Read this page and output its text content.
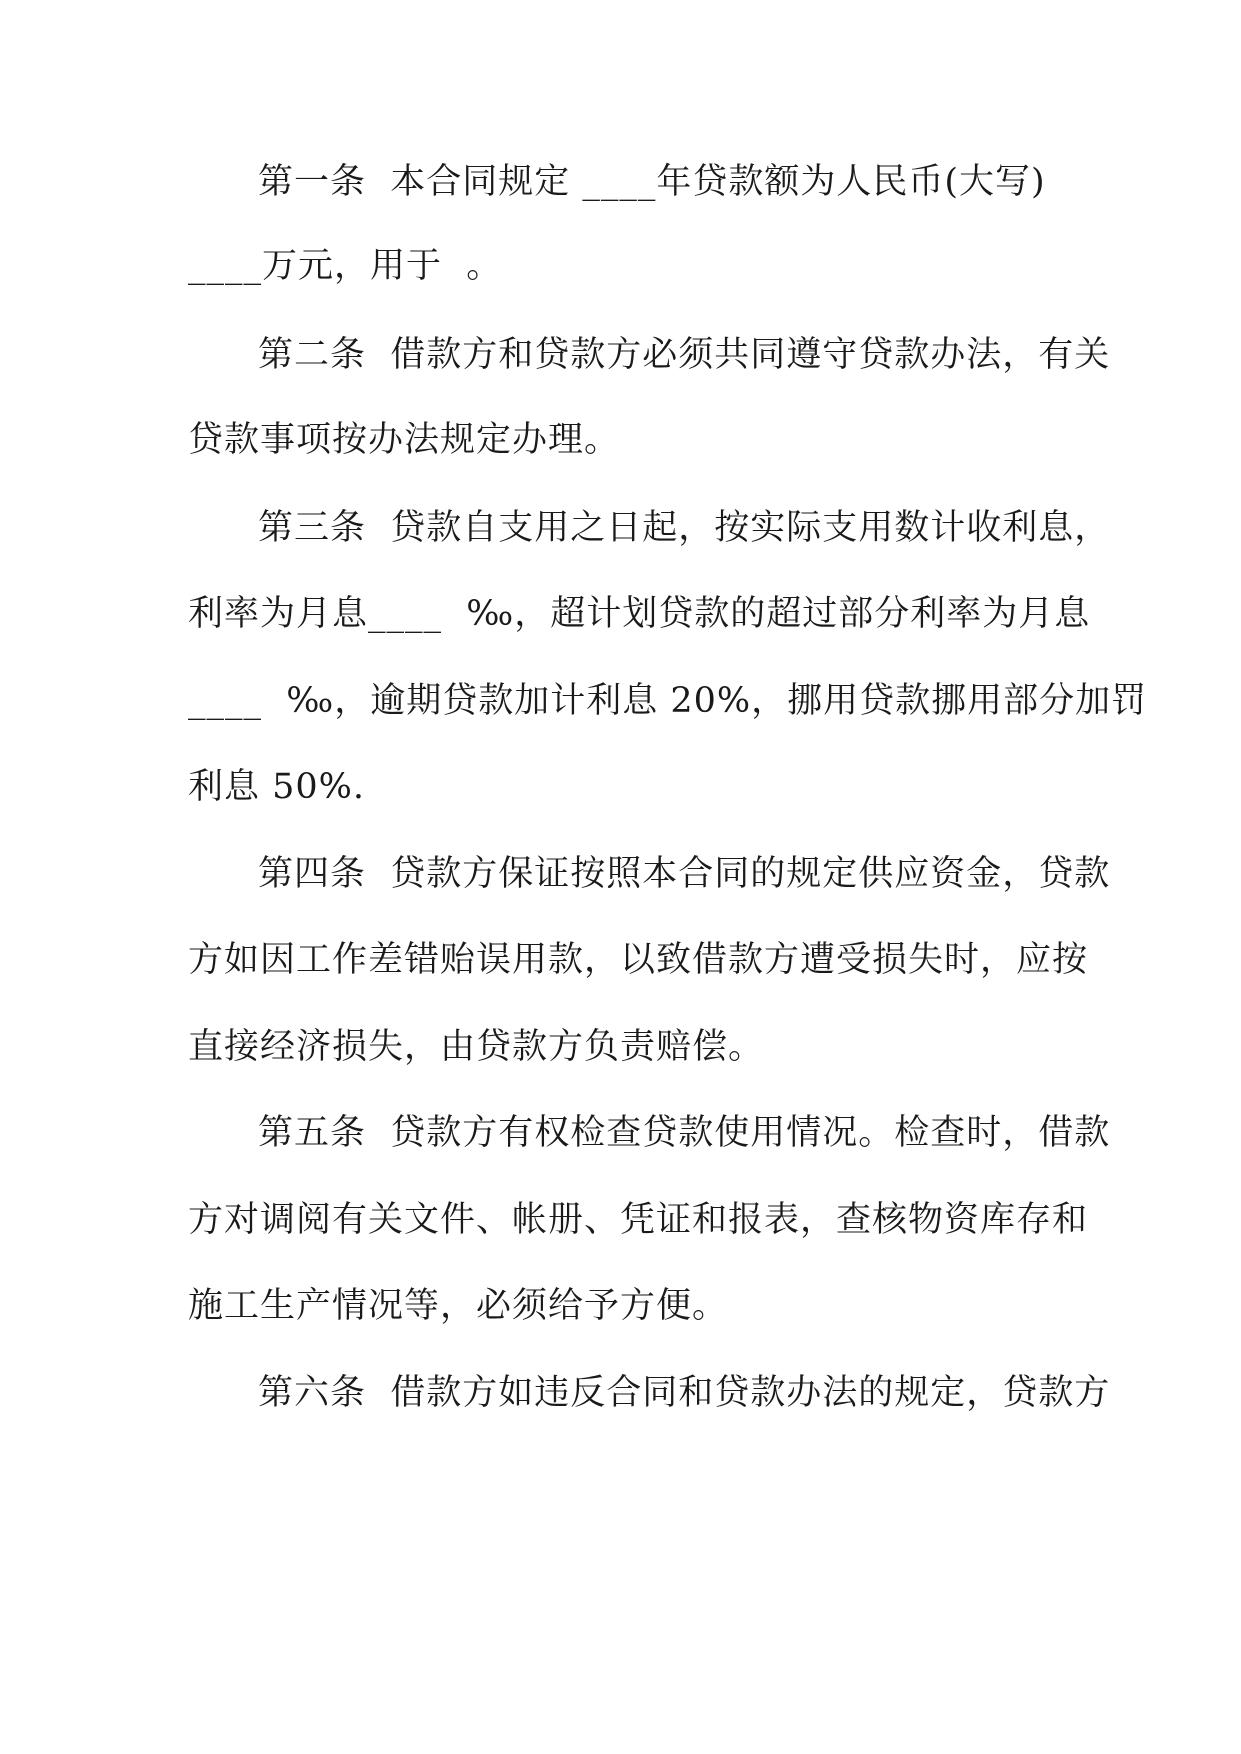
第一条  本合同规定 ____年贷款额为人民币(大写)
____万元，用于  。
第二条  借款方和贷款方必须共同遵守贷款办法，有关
贷款事项按办法规定办理。
第三条  贷款自支用之日起，按实际支用数计收利息，
利率为月息____  ‰，超计划贷款的超过部分利率为月息
____  ‰，逾期贷款加计利息 20%，挪用贷款挪用部分加罚
利息 50%.
第四条  贷款方保证按照本合同的规定供应资金，贷款
方如因工作差错贻误用款，以致借款方遭受损失时，应按
直接经济损失，由贷款方负责赔偿。
第五条  贷款方有权检查贷款使用情况。检查时，借款
方对调阅有关文件、帐册、凭证和报表，查核物资库存和
施工生产情况等，必须给予方便。
第六条  借款方如违反合同和贷款办法的规定，贷款方
